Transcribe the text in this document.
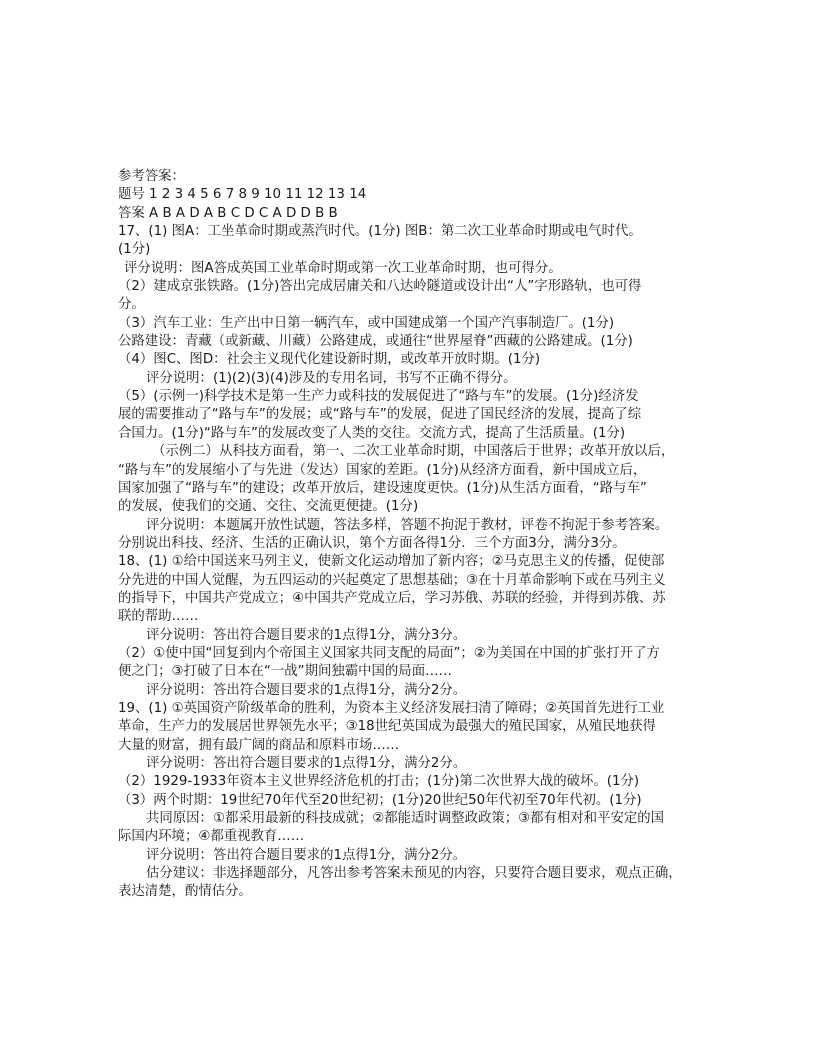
参考答案：
题号 1 2 3 4 5 6 7 8 9 10 11 12 13 14
答案 A B A D A B C D C A D D B B
17、(1) 图A：工坐革命时期或蒸汽时代。(1分) 图B：第二次工业革命时期或电气时代。
(1分)
评分说明：图A答成英国工业革命时期或第一次工业革命时期，也可得分。
（2）建成京张铁路。(1分)答出完成居庸关和八达岭隧道或设计出“人”字形路轨，也可得
分。
（3）汽车工业：生产出中日第一辆汽车，或中国建成第一个国产汽事制造厂。(1分)
公路建设：青藏（或新藏、川藏）公路建成，或通往“世界屋脊”西藏的公路建成。(1分)
（4）图C、图D：社会主义现代化建设新时期，或改革开放时期。(1分)
评分说明：(1)(2)(3)(4)涉及的专用名词，书写不正确不得分。
（5）(示例一)科学技术是第一生产力或科技的发展促进了“路与车”的发展。(1分)经济发
展的需要推动了“路与车”的发展；或“路与车”的发展，促进了国民经济的发展，提高了综
合国力。(1分)“路与车”的发展改变了人类的交往。交流方式，提高了生活质量。(1分)
（示例二）从科技方面看，第一、二次工业革命时期，中国落后于世界；改革开放以后，
“路与车”的发展缩小了与先进（发达）国家的差距。(1分)从经济方面看，新中国成立后，
国家加强了“路与车”的建设；改革开放后，建设速度更快。(1分)从生活方面看，“路与车”
的发展，使我们的交通、交往、交流更便捷。(1分)
评分说明：本题属开放性试题，答法多样，答题不拘泥于教材，评卷不拘泥于参考答案。
分别说出科技、经济、生活的正确认识，第个方面各得1分．三个方面3分，满分3分。
18、(1) ①给中国送来马列主义，使新文化运动增加了新内容；②马克思主义的传播，促使部
分先进的中国人觉醒，为五四运动的兴起奠定了思想基础；③在十月革命影响下或在马列主义
的指导下，中国共产党成立；④中国共产党成立后，学习苏俄、苏联的经验，并得到苏俄、苏
联的帮助……
评分说明：答出符合题目要求的1点得1分，满分3分。
（2）①使中国“回复到内个帝国主义国家共同支配的局面”；②为美国在中国的扩张打开了方
便之门；③打破了日本在“一战”期间独霸中国的局面……
评分说明：答出符合题目要求的1点得1分，满分2分。
19、(1) ①英国资产阶级革命的胜利，为资本主义经济发展扫清了障碍；②英国首先进行工业
革命，生产力的发展居世界领先水平；③18世纪英国成为最强大的殖民国家，从殖民地获得
大量的财富，拥有最广阔的商品和原料市场……
评分说明：答出符合题目要求的1点得1分，满分2分。
（2）1929-1933年资本主义世界经济危机的打击；(1分)第二次世界大战的破坏。(1分)
（3）两个时期：19世纪70年代至20世纪初；(1分)20世纪50年代初至70年代初。(1分)
共同原因：①都采用最新的科技成就；②都能适时调整政政策；③都有相对和平安定的国
际国内环境；④都重视教育……
评分说明：答出符合题目要求的1点得1分，满分2分。
估分建议：非选择题部分，凡答出参考答案未预见的内容，只要符合题目要求，观点正确，
表达清楚，酌情估分。
